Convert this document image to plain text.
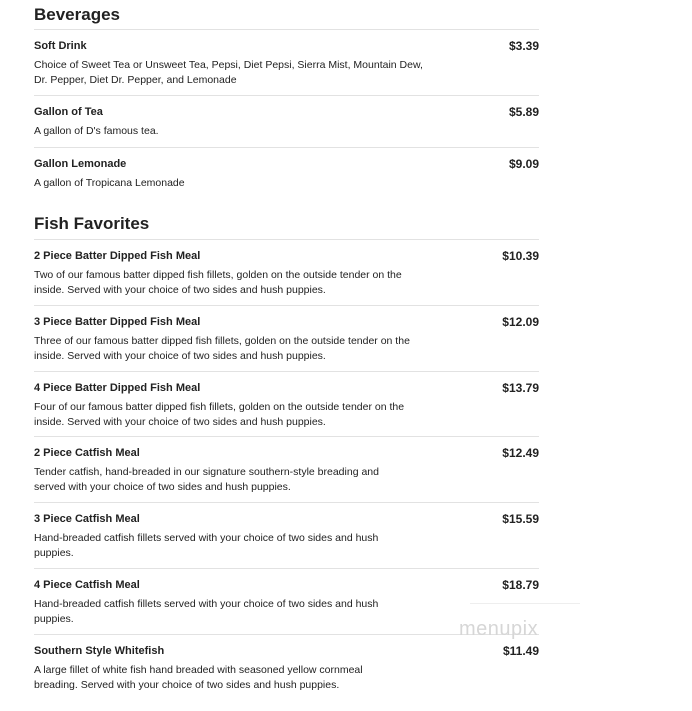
Beverages
Soft Drink	$3.39
Choice of Sweet Tea or Unsweet Tea, Pepsi, Diet Pepsi, Sierra Mist, Mountain Dew, Dr. Pepper, Diet Dr. Pepper, and Lemonade
Gallon of Tea	$5.89
A gallon of D's famous tea.
Gallon Lemonade	$9.09
A gallon of Tropicana Lemonade
Fish Favorites
2 Piece Batter Dipped Fish Meal	$10.39
Two of our famous batter dipped fish fillets, golden on the outside tender on the inside. Served with your choice of two sides and hush puppies.
3 Piece Batter Dipped Fish Meal	$12.09
Three of our famous batter dipped fish fillets, golden on the outside tender on the inside. Served with your choice of two sides and hush puppies.
4 Piece Batter Dipped Fish Meal	$13.79
Four of our famous batter dipped fish fillets, golden on the outside tender on the inside. Served with your choice of two sides and hush puppies.
2 Piece Catfish Meal	$12.49
Tender catfish, hand-breaded in our signature southern-style breading and served with your choice of two sides and hush puppies.
3 Piece Catfish Meal	$15.59
Hand-breaded catfish fillets served with your choice of two sides and hush puppies.
4 Piece Catfish Meal	$18.79
Hand-breaded catfish fillets served with your choice of two sides and hush puppies.
Southern Style Whitefish	$11.49
A large fillet of white fish hand breaded with seasoned yellow cornmeal breading. Served with your choice of two sides and hush puppies.
menupix
